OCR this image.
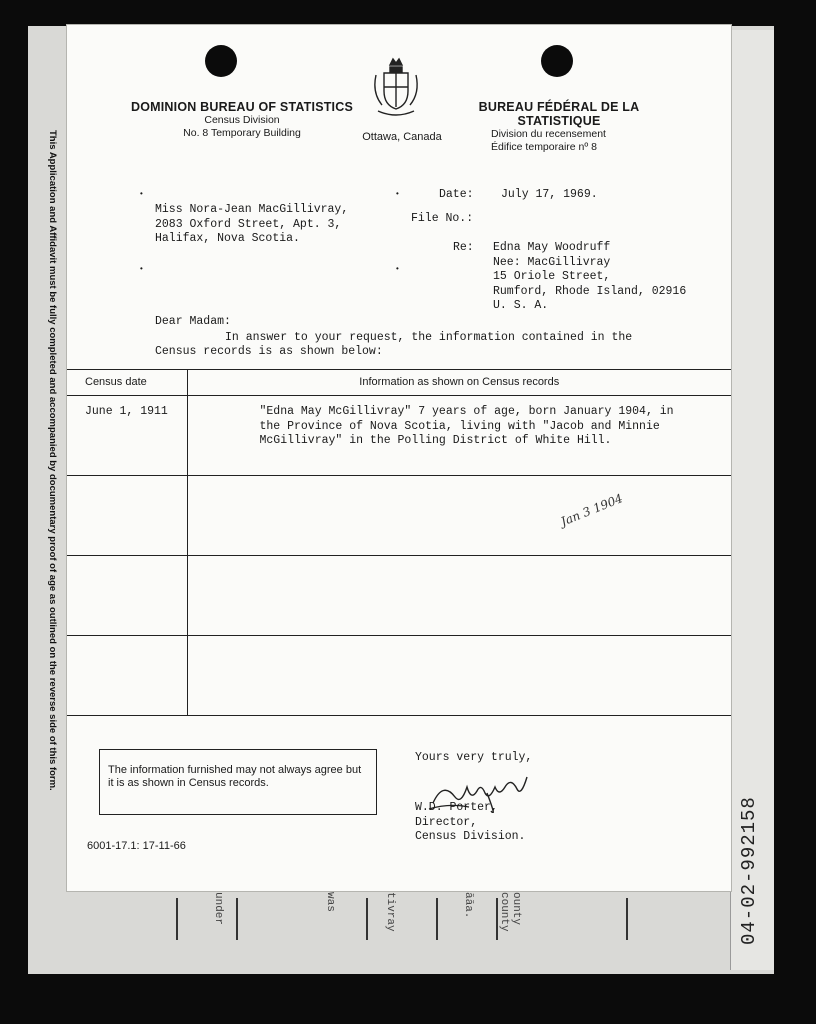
This Application and Affidavit must be fully completed and accompanied by documentary proof of age as outlined on the reverse side of this form.
04-02-992158
under	was	tivray	ăăa.	ounty
county
DOMINION BUREAU OF STATISTICS
Census Division
No. 8 Temporary Building	Ottawa, Canada
BUREAU FÉDÉRAL DE LA STATISTIQUE
Division du recensement
Édifice temporaire nº 8
•	•	Date: July 17, 1969.
Miss Nora-Jean MacGillivray,
2083 Oxford Street, Apt. 3,
Halifax, Nova Scotia.
File No.:
Re: Edna May Woodruff
Nee: MacGillivray
15 Oriole Street,
Rumford, Rhode Island, 02916
U. S. A.
•	•
Dear Madam:
In answer to your request, the information contained in the
Census records is as shown below:
Census date	Information as shown on Census records
June 1, 1911	"Edna May McGillivray" 7 years of age, born January 1904, in
the Province of Nova Scotia, living with "Jacob and Minnie
McGillivray" in the Polling District of White Hill.

Jan 3 1904
The information furnished may not always agree but it is as shown in Census records.
6001-17.1: 17-11-66
Yours very truly,
W.D. Porter,
Director,
Census Division.
